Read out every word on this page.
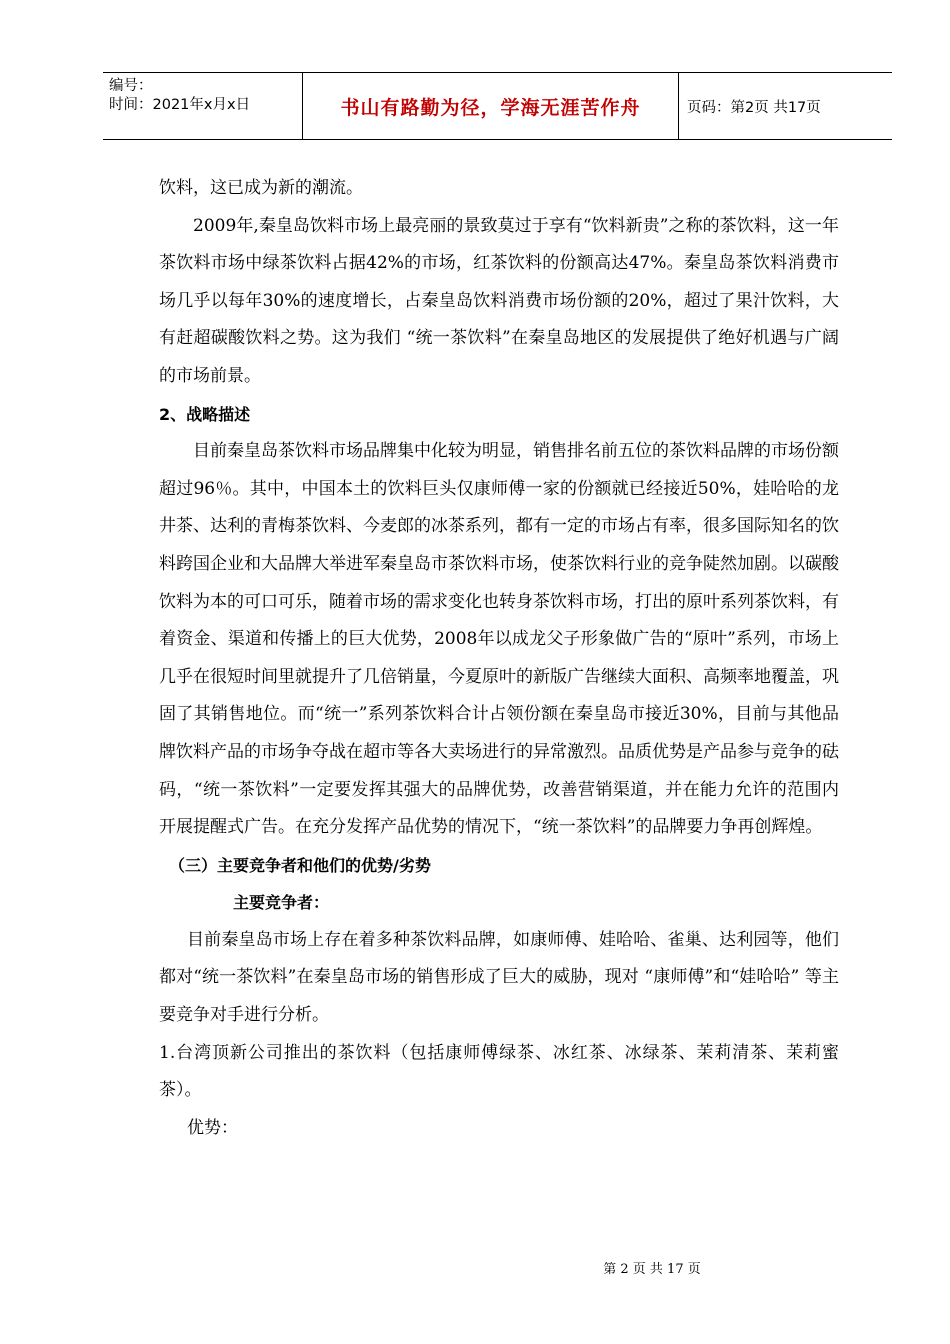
编号：
时间：2021年x月x日	书山有路勤为径，学海无涯苦作舟	页码：第2页 共17页

饮料，这已成为新的潮流。

2009年,秦皇岛饮料市场上最亮丽的景致莫过于享有“饮料新贵”之称的茶饮料，这一年茶饮料市场中绿茶饮料占据42%的市场，红茶饮料的份额高达47%。秦皇岛茶饮料消费市场几乎以每年30%的速度增长，占秦皇岛饮料消费市场份额的20%，超过了果汁饮料，大有赶超碳酸饮料之势。这为我们 “统一茶饮料”在秦皇岛地区的发展提供了绝好机遇与广阔的市场前景。

2、战略描述

目前秦皇岛茶饮料市场品牌集中化较为明显，销售排名前五位的茶饮料品牌的市场份额超过96％。其中，中国本土的饮料巨头仅康师傅一家的份额就已经接近50%，娃哈哈的龙井茶、达利的青梅茶饮料、今麦郎的冰茶系列，都有一定的市场占有率，很多国际知名的饮料跨国企业和大品牌大举进军秦皇岛市茶饮料市场，使茶饮料行业的竞争陡然加剧。以碳酸饮料为本的可口可乐，随着市场的需求变化也转身茶饮料市场，打出的原叶系列茶饮料，有着资金、渠道和传播上的巨大优势，2008年以成龙父子形象做广告的“原叶”系列，市场上几乎在很短时间里就提升了几倍销量，今夏原叶的新版广告继续大面积、高频率地覆盖，巩固了其销售地位。而“统一”系列茶饮料合计占领份额在秦皇岛市接近30%，目前与其他品牌饮料产品的市场争夺战在超市等各大卖场进行的异常激烈。品质优势是产品参与竞争的砝码，“统一茶饮料”一定要发挥其强大的品牌优势，改善营销渠道，并在能力允许的范围内开展提醒式广告。在充分发挥产品优势的情况下，“统一茶饮料”的品牌要力争再创辉煌。

（三）主要竞争者和他们的优势/劣势

主要竞争者：

目前秦皇岛市场上存在着多种茶饮料品牌，如康师傅、娃哈哈、雀巢、达利园等，他们都对“统一茶饮料”在秦皇岛市场的销售形成了巨大的威胁，现对 “康师傅”和“娃哈哈” 等主要竞争对手进行分析。

1.台湾顶新公司推出的茶饮料（包括康师傅绿茶、冰红茶、冰绿茶、茉莉清茶、茉莉蜜茶）。

优势：

第 2 页 共 17 页
